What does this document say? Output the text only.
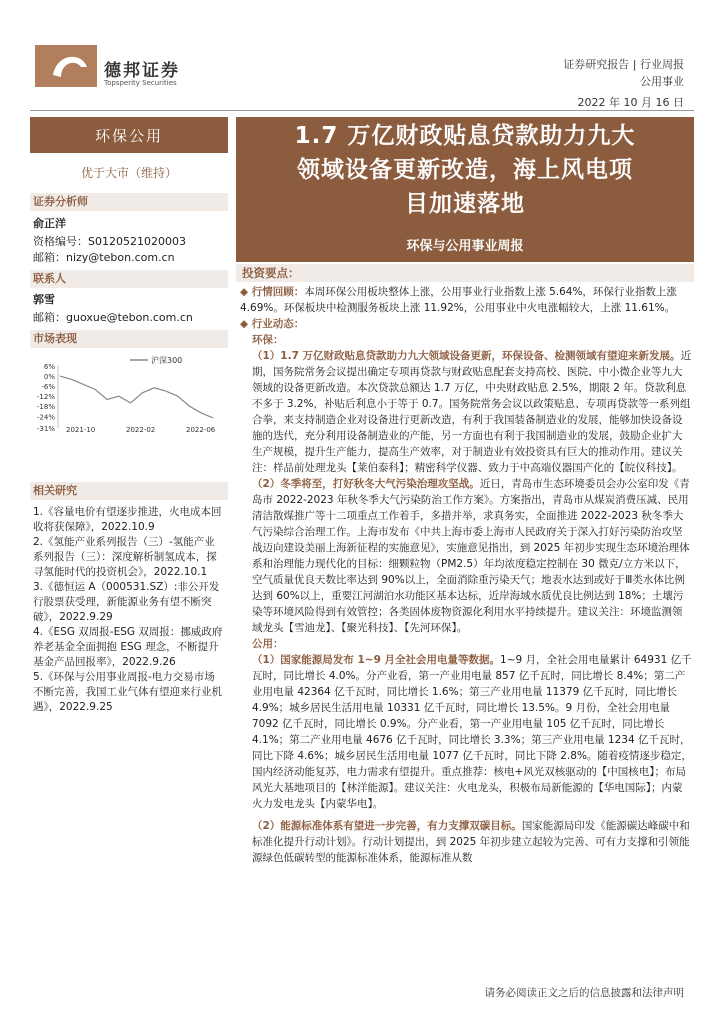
德邦证券
Topsperity Securities
证券研究报告 | 行业周报
公用事业
2022 年 10 月 16 日
环保公用
优于大市（维持）
证券分析师
俞正洋
资格编号：S0120521020003
邮箱：nizy@tebon.com.cn
联系人
郭雪
邮箱：guoxue@tebon.com.cn
市场表现
6%
0%
-6%
-12%
-18%
-24%
-31% 2021-10	2022-02	2022-06
沪深300
相关研究
1.《容量电价有望逐步推进，火电成本回收将获保障》，2022.10.9
2.《氢能产业系列报告（三）-氢能产业系列报告（三）：深度解析制氢成本，探寻氢能时代的投资机会》，2022.10.1
3.《德恒运 A（000531.SZ）:非公开发行股票获受理，新能源业务有望不断突破》，2022.9.29
4.《ESG 双周报-ESG 双周报：挪威政府养老基金全面拥抱 ESG 理念，不断提升基金产品回报率》，2022.9.26
5.《环保与公用事业周报-电力交易市场不断完善，我国工业气体有望迎来行业机遇》，2022.9.25
1.7 万亿财政贴息贷款助力九大
领域设备更新改造，海上风电项
目加速落地
环保与公用事业周报
投资要点：

◆ 行情回顾：本周环保公用板块整体上涨，公用事业行业指数上涨 5.64%，环保行业指数上涨 4.69%。环保板块中检测服务板块上涨 11.92%，公用事业中火电涨幅较大，上涨 11.61%。

◆ 行业动态：

环保：

（1）1.7 万亿财政贴息贷款助力九大领域设备更新，环保设备、检测领域有望迎来新发展。近期，国务院常务会议提出确定专项再贷款与财政贴息配套支持高校、医院、中小微企业等九大领域的设备更新改造。本次贷款总额达 1.7 万亿，中央财政贴息 2.5%，期限 2 年。贷款利息不多于 3.2%，补贴后利息小于等于 0.7。国务院常务会议以政策贴息、专项再贷款等一系列组合拳，来支持制造企业对设备进行更新改造，有利于我国装备制造业的发展，能够加快设备设施的迭代，充分利用设备制造业的产能，另一方面也有利于我国制造业的发展，鼓励企业扩大生产规模，提升生产能力，提高生产效率，对于制造业有效投资具有巨大的推动作用。建议关注：样品前处理龙头【莱伯泰科】；精密科学仪器、致力于中高端仪器国产化的【皖仪科技】。

（2）冬季将至，打好秋冬大气污染治理攻坚战。近日，青岛市生态环境委员会办公室印发《青岛市 2022-2023 年秋冬季大气污染防治工作方案》。方案指出，青岛市从煤炭消费压减、民用清洁散煤推广等十二项重点工作着手，多措并举，求真务实，全面推进 2022-2023 秋冬季大气污染综合治理工作。上海市发布《中共上海市委上海市人民政府关于深入打好污染防治攻坚战迈向建设美丽上海新征程的实施意见》，实施意见指出，到 2025 年初步实现生态环境治理体系和治理能力现代化的目标：细颗粒物（PM2.5）年均浓度稳定控制在 30 微克/立方米以下，空气质量优良天数比率达到 90%以上，全面消除重污染天气；地表水达到或好于Ⅲ类水体比例达到 60%以上，重要江河湖泊水功能区基本达标，近岸海域水质优良比例达到 18%；土壤污染等环境风险得到有效管控；各类固体废物资源化利用水平持续提升。建议关注：环境监测领域龙头【雪迪龙】、【聚光科技】、【先河环保】。

公用：

（1）国家能源局发布 1~9 月全社会用电量等数据。1~9 月，全社会用电量累计 64931 亿千瓦时，同比增长 4.0%。分产业看，第一产业用电量 857 亿千瓦时，同比增长 8.4%；第二产业用电量 42364 亿千瓦时，同比增长 1.6%；第三产业用电量 11379 亿千瓦时，同比增长 4.9%；城乡居民生活用电量 10331 亿千瓦时，同比增长 13.5%。9 月份，全社会用电量 7092 亿千瓦时，同比增长 0.9%。分产业看，第一产业用电量 105 亿千瓦时，同比增长 4.1%；第二产业用电量 4676 亿千瓦时，同比增长 3.3%；第三产业用电量 1234 亿千瓦时，同比下降 4.6%；城乡居民生活用电量 1077 亿千瓦时，同比下降 2.8%。随着疫情逐步稳定，国内经济动能复苏，电力需求有望提升。重点推荐：核电+风光双核驱动的【中国核电】；布局风光大基地项目的【林洋能源】。建议关注：火电龙头，积极布局新能源的【华电国际】；内蒙火力发电龙头【内蒙华电】。

（2）能源标准体系有望进一步完善，有力支撑双碳目标。国家能源局印发《能源碳达峰碳中和标准化提升行动计划》。行动计划提出，到 2025 年初步建立起较为完善、可有力支撑和引领能源绿色低碳转型的能源标准体系，能源标准从数

请务必阅读正文之后的信息披露和法律声明
